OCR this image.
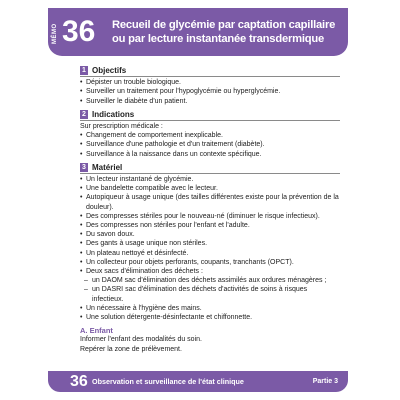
MÉMO 36 Recueil de glycémie par captation capillaire ou par lecture instantanée transdermique
1 Objectifs
• Dépister un trouble biologique.
• Surveiller un traitement pour l'hypoglycémie ou hyperglycémie.
• Surveiller le diabète d'un patient.
2 Indications

Sur prescription médicale :

• Changement de comportement inexplicable.
• Surveillance d'une pathologie et d'un traitement (diabète).
• Surveillance à la naissance dans un contexte spécifique.
3 Matériel
• Un lecteur instantané de glycémie.
• Une bandelette compatible avec le lecteur.
• Autopiqueur à usage unique (des tailles différentes existe pour la prévention de la douleur).
• Des compresses stériles pour le nouveau-né (diminuer le risque infectieux).
• Des compresses non stériles pour l'enfant et l'adulte.
• Du savon doux.
• Des gants à usage unique non stériles.
• Un plateau nettoyé et désinfecté.
• Un collecteur pour objets perforants, coupants, tranchants (OPCT).
• Deux sacs d'élimination des déchets :
– un DAOM sac d'élimination des déchets assimilés aux ordures ménagères ;
– un DASRI sac d'élimination des déchets d'activités de soins à risques infectieux.
• Un nécessaire à l'hygiène des mains.
• Une solution détergente-désinfectante et chiffonnette.
A. Enfant

Informer l'enfant des modalités du soin.

Repérer la zone de prélèvement.

36 Observation et surveillance de l'état clinique	Partie 3
